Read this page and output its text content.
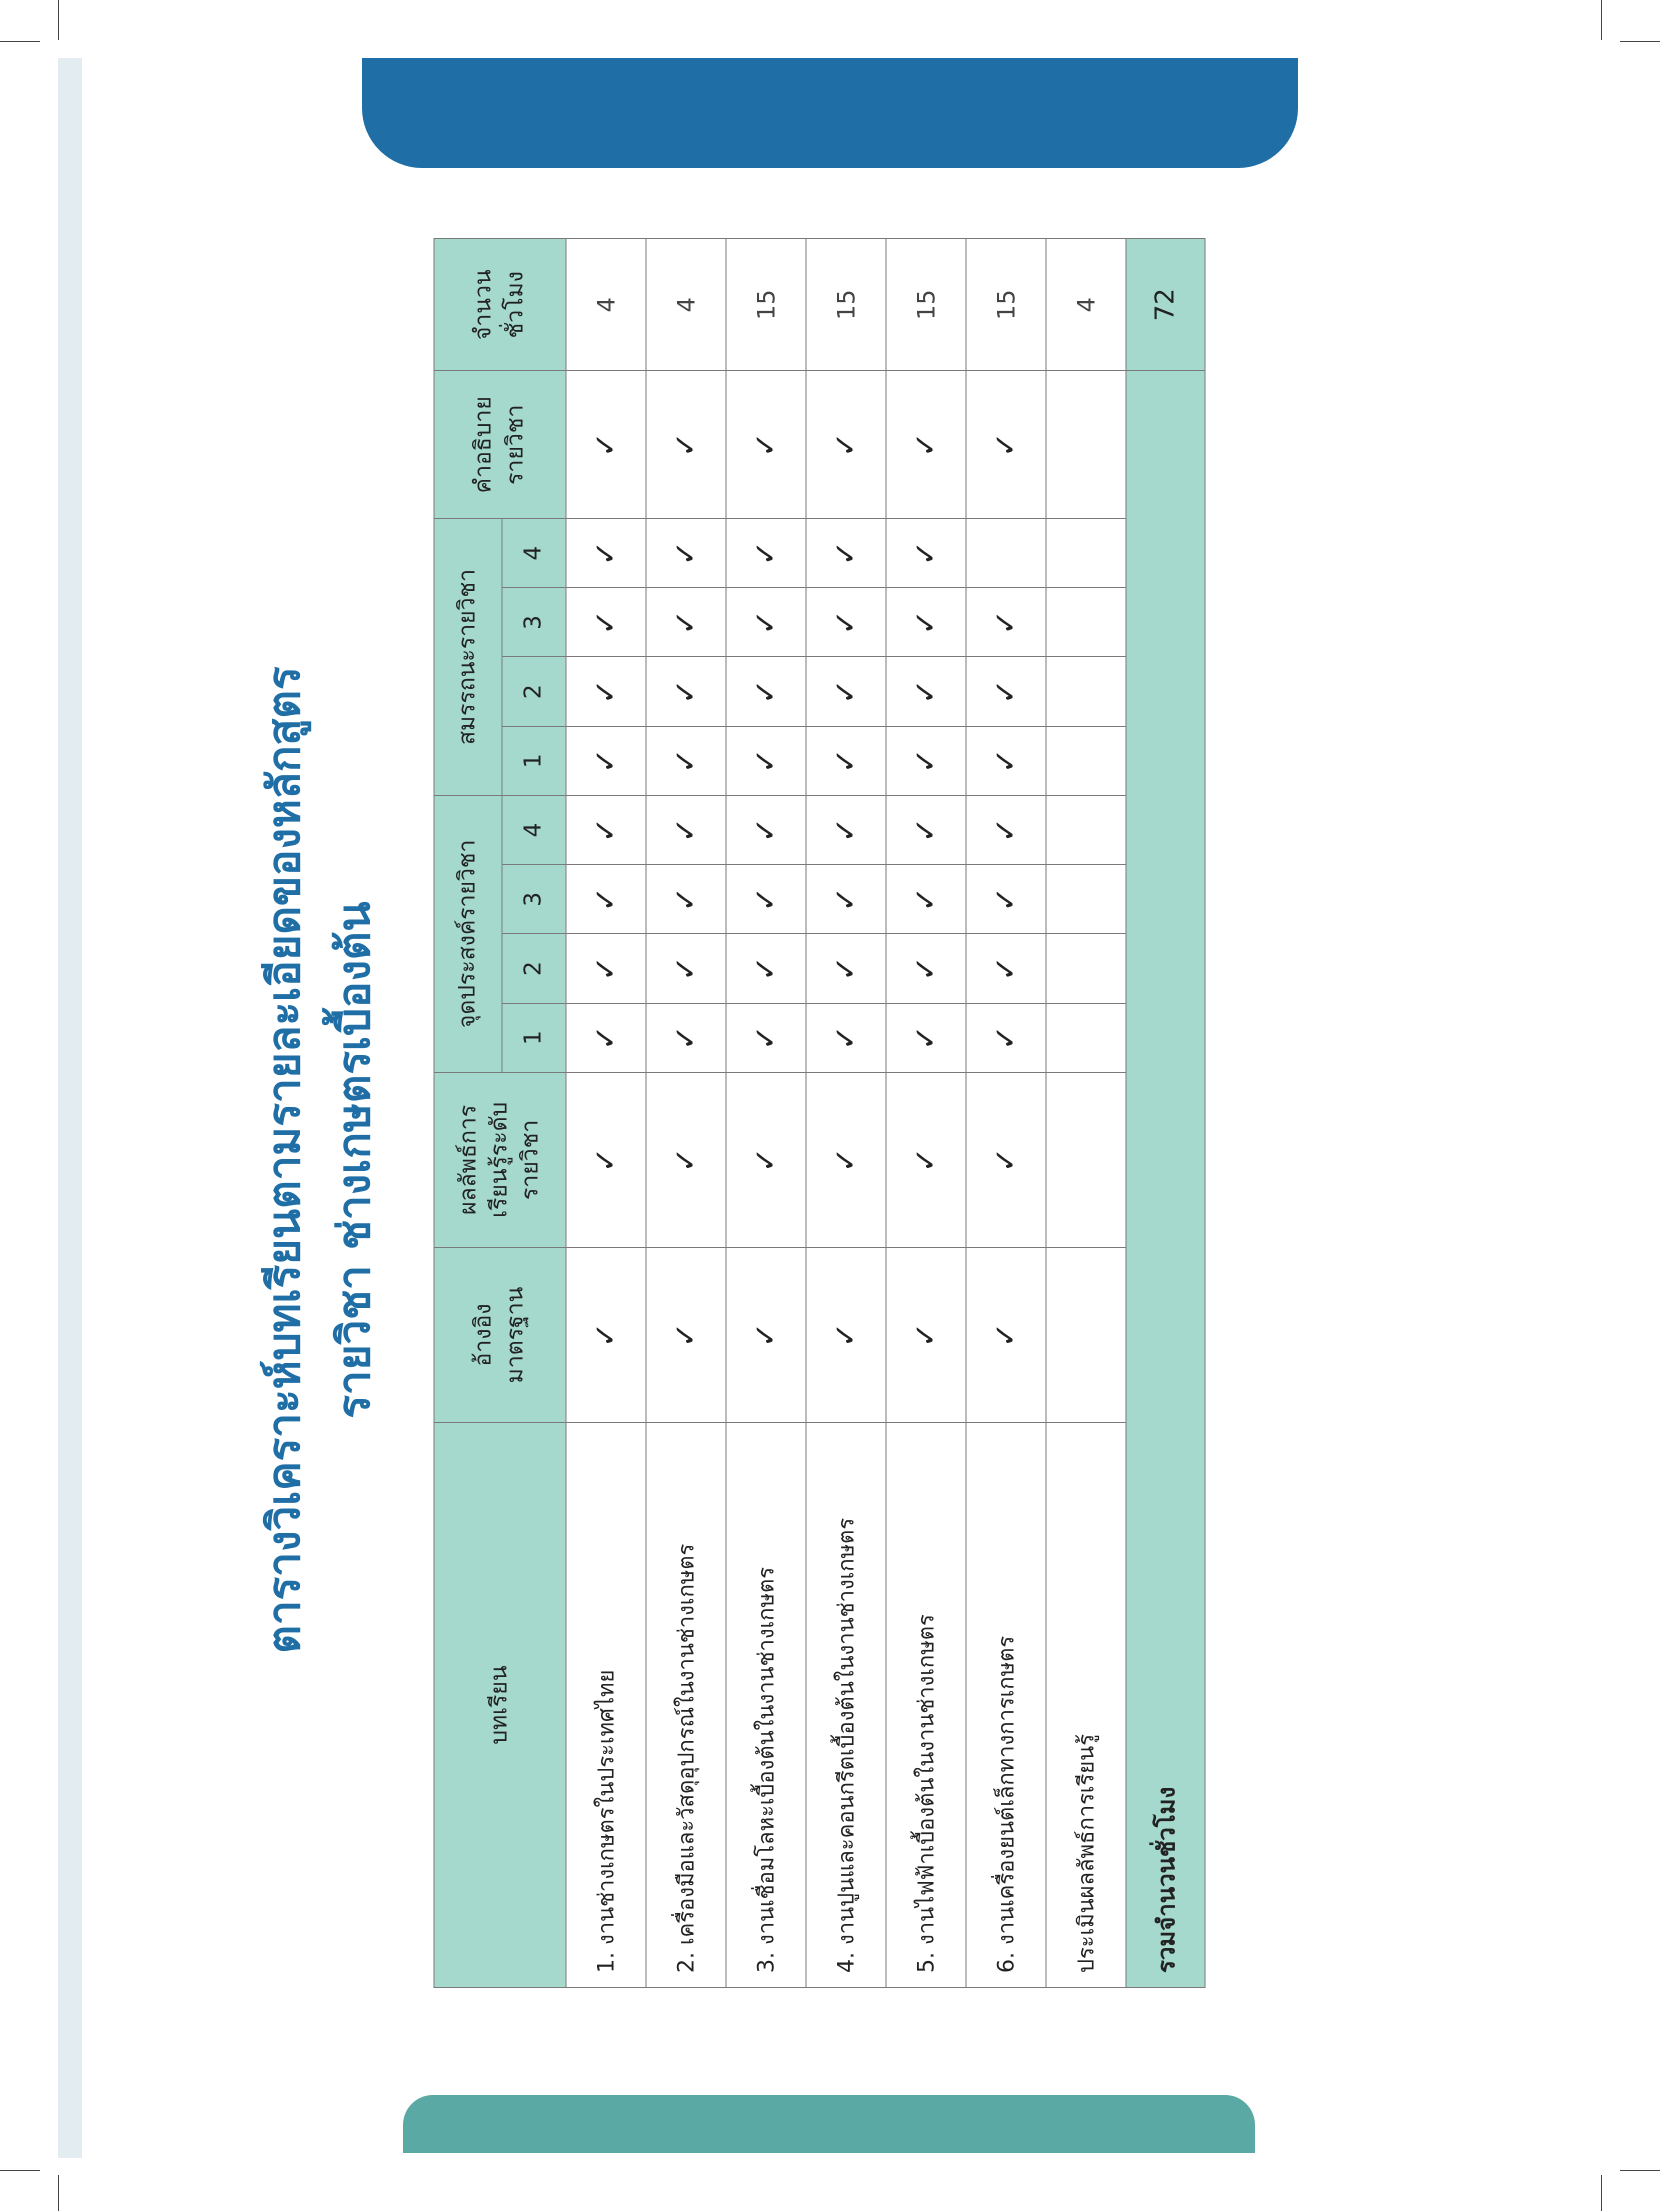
ตารางวิเคราะห์บทเรียนตามรายละเอียดของหลักสูตร รายวิชา ช่างเกษตรเบื้องต้น
บทเรียน	อ้างอิง มาตรฐาน	ผลลัพธ์การ เรียนรู้ระดับ รายวิชา	จุดประสงค์รายวิชา				สมรรถนะรายวิชา				คำอธิบาย รายวิชา	จำนวน ชั่วโมง
			1	2	3	4	1	2	3	4		
1. งานช่างเกษตรในประเทศไทย	✓	✓	✓	✓	✓	✓	✓	✓	✓	✓	✓	4
2. เครื่องมือและวัสดุอุปกรณ์ในงานช่างเกษตร	✓	✓	✓	✓	✓	✓	✓	✓	✓	✓	✓	4
3. งานเชื่อมโลหะเบื้องต้นในงานช่างเกษตร	✓	✓	✓	✓	✓	✓	✓	✓	✓	✓	✓	15
4. งานปูนและคอนกรีตเบื้องต้นในงานช่างเกษตร	✓	✓	✓	✓	✓	✓	✓	✓	✓	✓	✓	15
5. งานไฟฟ้าเบื้องต้นในงานช่างเกษตร	✓	✓	✓	✓	✓	✓	✓	✓	✓	✓	✓	15
6. งานเครื่องยนต์เล็กทางการเกษตร	✓	✓	✓	✓	✓	✓	✓	✓	✓		✓	15
ประเมินผลลัพธ์การเรียนรู้												4
รวมจำนวนชั่วโมง												72
